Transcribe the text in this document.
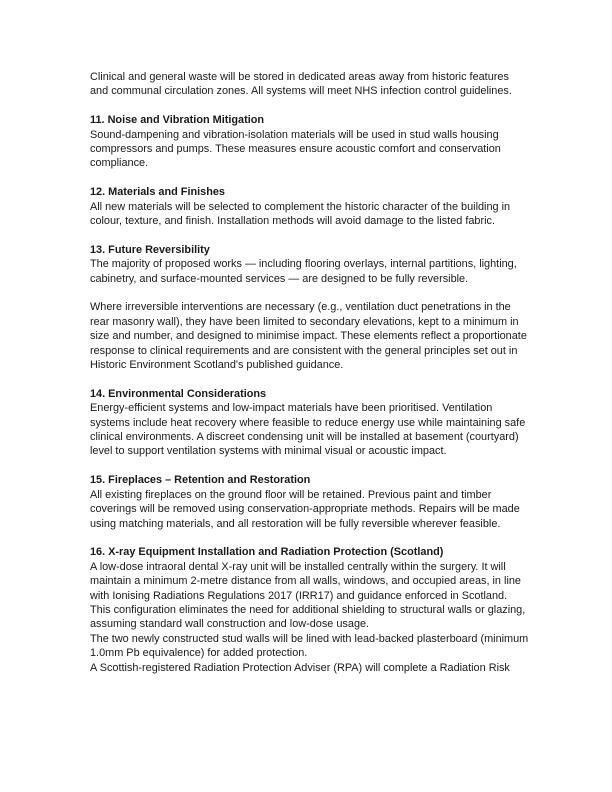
Clinical and general waste will be stored in dedicated areas away from historic features and communal circulation zones. All systems will meet NHS infection control guidelines.

11. Noise and Vibration Mitigation

Sound-dampening and vibration-isolation materials will be used in stud walls housing compressors and pumps. These measures ensure acoustic comfort and conservation compliance.

12. Materials and Finishes

All new materials will be selected to complement the historic character of the building in colour, texture, and finish. Installation methods will avoid damage to the listed fabric.

13. Future Reversibility

The majority of proposed works — including flooring overlays, internal partitions, lighting, cabinetry, and surface-mounted services — are designed to be fully reversible.

Where irreversible interventions are necessary (e.g., ventilation duct penetrations in the rear masonry wall), they have been limited to secondary elevations, kept to a minimum in size and number, and designed to minimise impact. These elements reflect a proportionate response to clinical requirements and are consistent with the general principles set out in Historic Environment Scotland's published guidance.

14. Environmental Considerations

Energy-efficient systems and low-impact materials have been prioritised. Ventilation systems include heat recovery where feasible to reduce energy use while maintaining safe clinical environments. A discreet condensing unit will be installed at basement (courtyard) level to support ventilation systems with minimal visual or acoustic impact.

15. Fireplaces – Retention and Restoration

All existing fireplaces on the ground floor will be retained. Previous paint and timber coverings will be removed using conservation-appropriate methods. Repairs will be made using matching materials, and all restoration will be fully reversible wherever feasible.

16. X-ray Equipment Installation and Radiation Protection (Scotland)

A low-dose intraoral dental X-ray unit will be installed centrally within the surgery. It will maintain a minimum 2-metre distance from all walls, windows, and occupied areas, in line with Ionising Radiations Regulations 2017 (IRR17) and guidance enforced in Scotland.

This configuration eliminates the need for additional shielding to structural walls or glazing, assuming standard wall construction and low-dose usage.

The two newly constructed stud walls will be lined with lead-backed plasterboard (minimum 1.0mm Pb equivalence) for added protection.

A Scottish-registered Radiation Protection Adviser (RPA) will complete a Radiation Risk
